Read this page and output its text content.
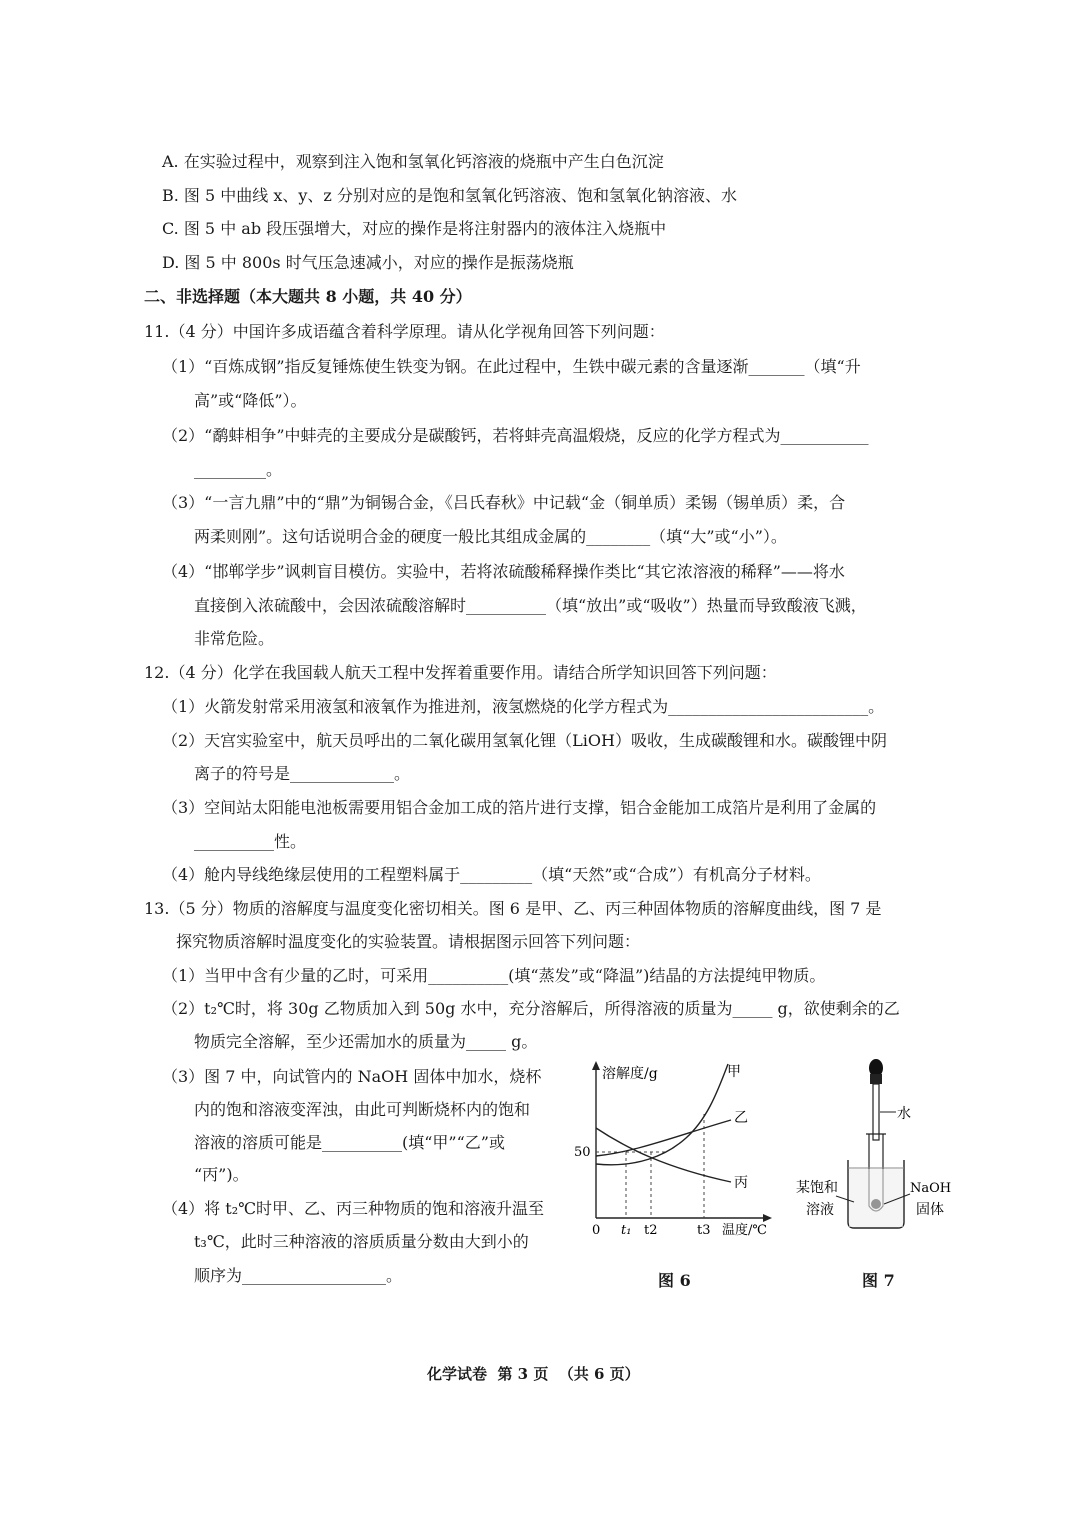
A. 在实验过程中，观察到注入饱和氢氧化钙溶液的烧瓶中产生白色沉淀
B. 图 5 中曲线 x、y、z 分别对应的是饱和氢氧化钙溶液、饱和氢氧化钠溶液、水
C. 图 5 中 ab 段压强增大，对应的操作是将注射器内的液体注入烧瓶中
D. 图 5 中 800s 时气压急速减小，对应的操作是振荡烧瓶
二、非选择题（本大题共 8 小题，共 40 分）
11.（4 分）中国许多成语蕴含着科学原理。请从化学视角回答下列问题：
（1）“百炼成钢”指反复锤炼使生铁变为钢。在此过程中，生铁中碳元素的含量逐渐_______（填“升
高”或“降低”）。
（2）“鹬蚌相争”中蚌壳的主要成分是碳酸钙，若将蚌壳高温煅烧，反应的化学方程式为___________
_________。
（3）“一言九鼎”中的“鼎”为铜锡合金，《吕氏春秋》中记载“金（铜单质）柔锡（锡单质）柔，合
两柔则刚”。这句话说明合金的硬度一般比其组成金属的________（填“大”或“小”）。
（4）“邯郸学步”讽刺盲目模仿。实验中，若将浓硫酸稀释操作类比“其它浓溶液的稀释”——将水
直接倒入浓硫酸中，会因浓硫酸溶解时__________（填“放出”或“吸收”）热量而导致酸液飞溅，
非常危险。
12.（4 分）化学在我国载人航天工程中发挥着重要作用。请结合所学知识回答下列问题：
（1）火箭发射常采用液氢和液氧作为推进剂，液氢燃烧的化学方程式为_________________________。
（2）天宫实验室中，航天员呼出的二氧化碳用氢氧化锂（LiOH）吸收，生成碳酸锂和水。碳酸锂中阴
离子的符号是_____________。
（3）空间站太阳能电池板需要用铝合金加工成的箔片进行支撑，铝合金能加工成箔片是利用了金属的
__________性。
（4）舱内导线绝缘层使用的工程塑料属于_________（填“天然”或“合成”）有机高分子材料。
13.（5 分）物质的溶解度与温度变化密切相关。图 6 是甲、乙、丙三种固体物质的溶解度曲线，图 7 是
探究物质溶解时温度变化的实验装置。请根据图示回答下列问题：
（1）当甲中含有少量的乙时，可采用__________(填“蒸发”或“降温”)结晶的方法提纯甲物质。
（2）t₂℃时，将 30g 乙物质加入到 50g 水中，充分溶解后，所得溶液的质量为_____ g，欲使剩余的乙
物质完全溶解，至少还需加水的质量为_____ g。
（3）图 7 中，向试管内的 NaOH 固体中加水，烧杯
内的饱和溶液变浑浊，由此可判断烧杯内的饱和
溶液的溶质可能是__________(填“甲”“乙”或
“丙”)。
（4）将 t₂℃时甲、乙、丙三种物质的饱和溶液升温至
t₃℃，此时三种溶液的溶质质量分数由大到小的
顺序为__________________。
溶解度/g
50
0 t₁ t2	t3 温度/℃
甲
乙
丙
图 6
水
某饱和
溶液
NaOH
固体
图 7
化学试卷  第 3 页  （共 6 页）
